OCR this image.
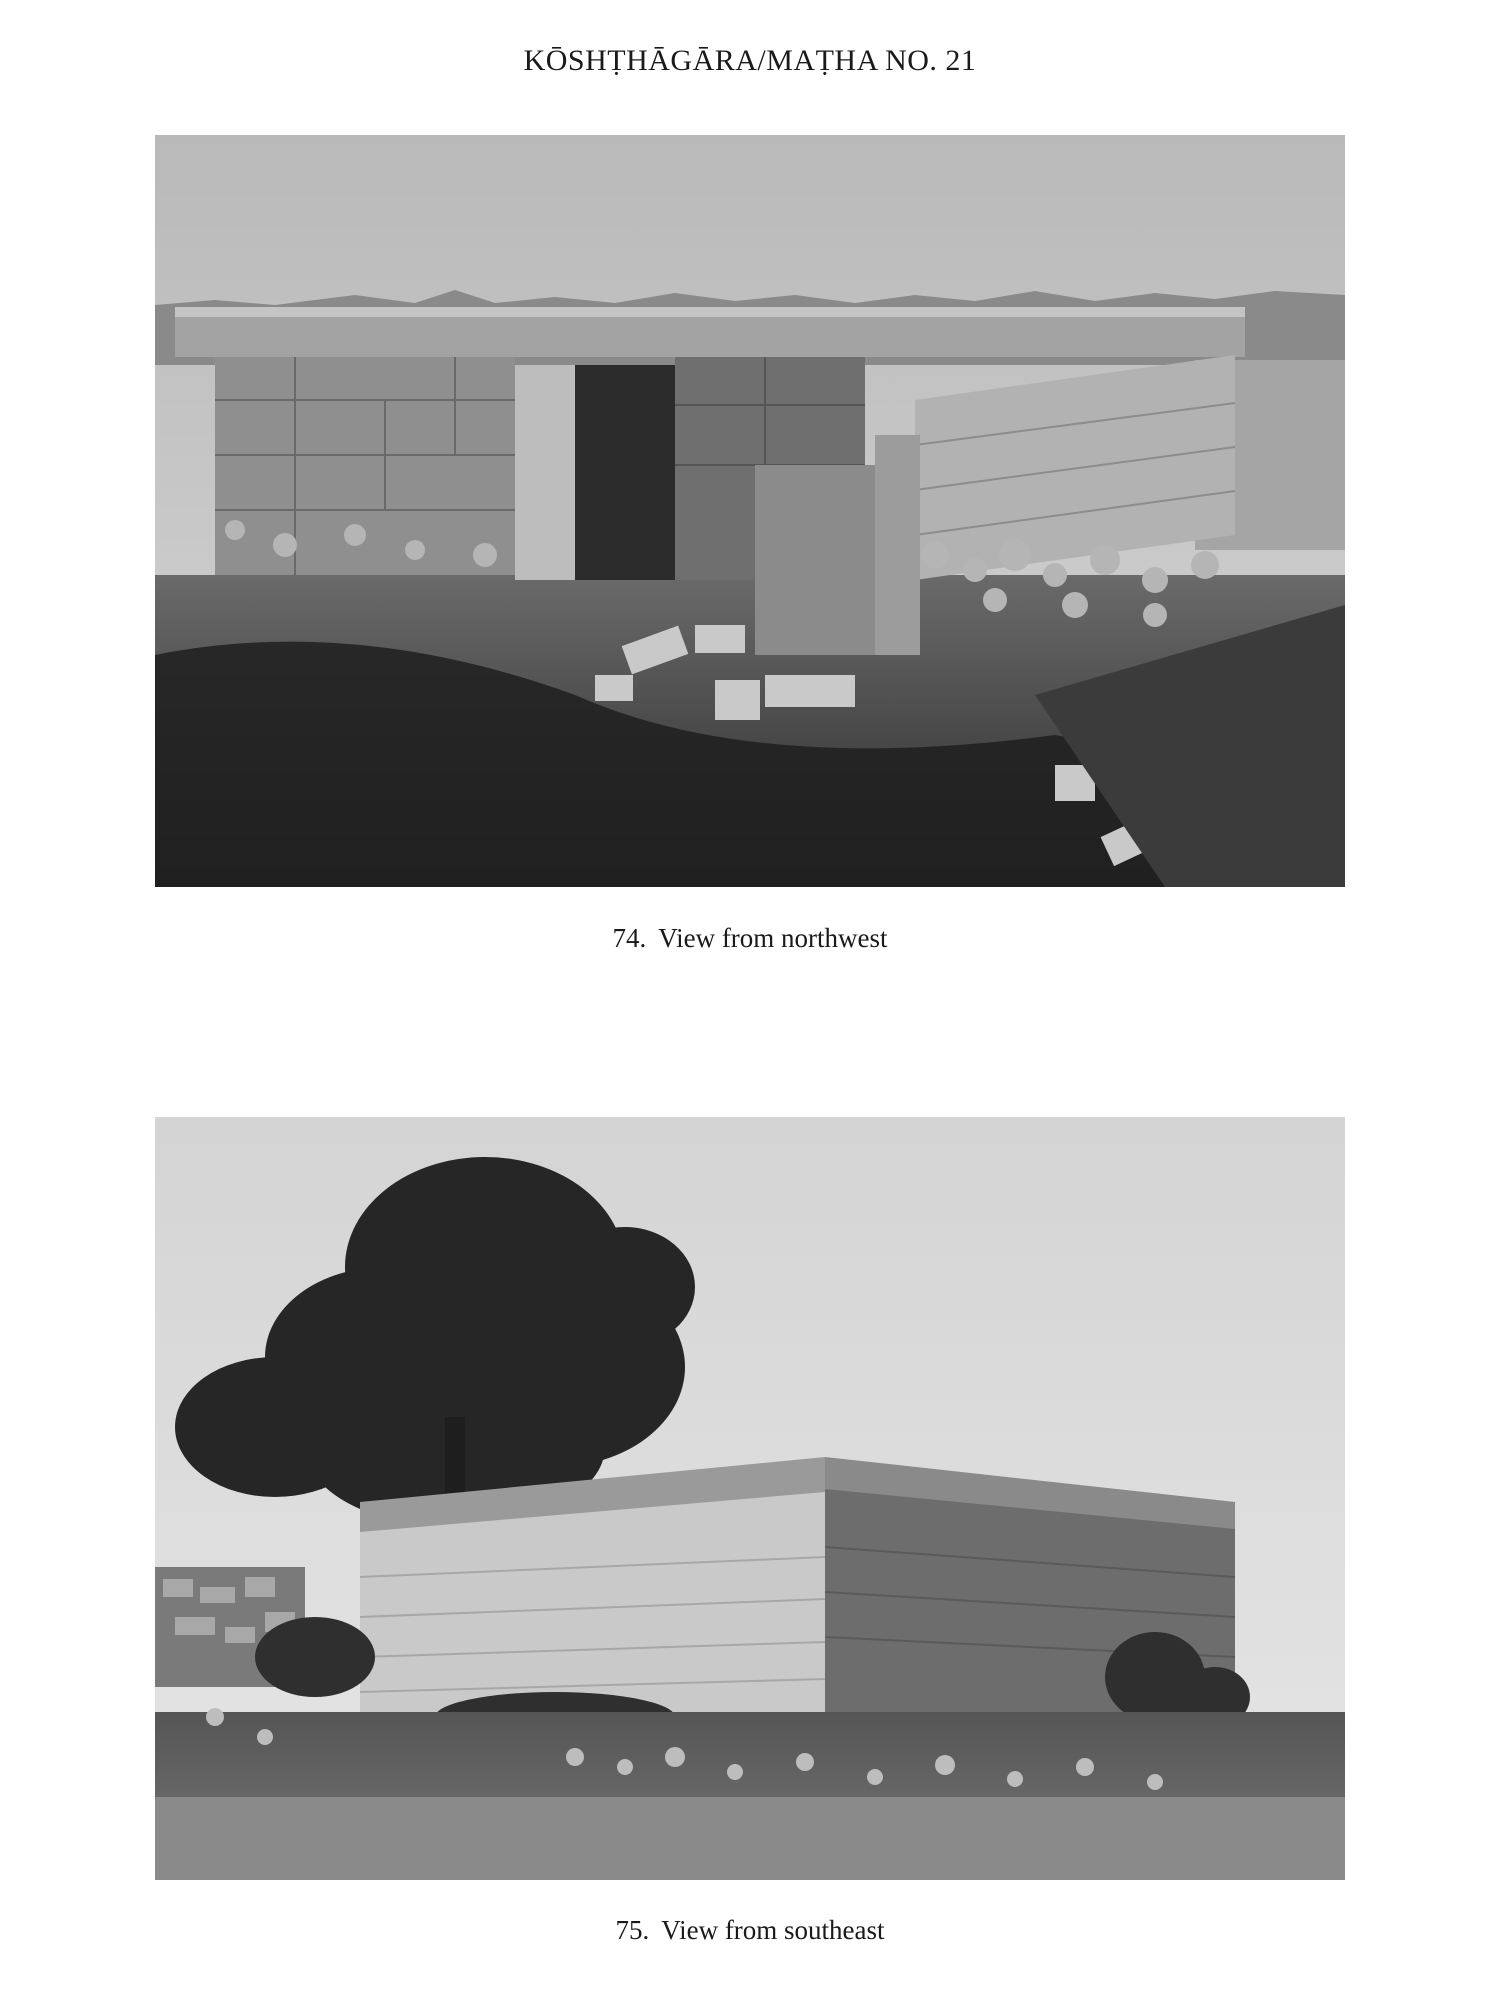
KŌSHṬHĀGĀRA/MAṬHA NO. 21
74. View from northwest
75. View from southeast
